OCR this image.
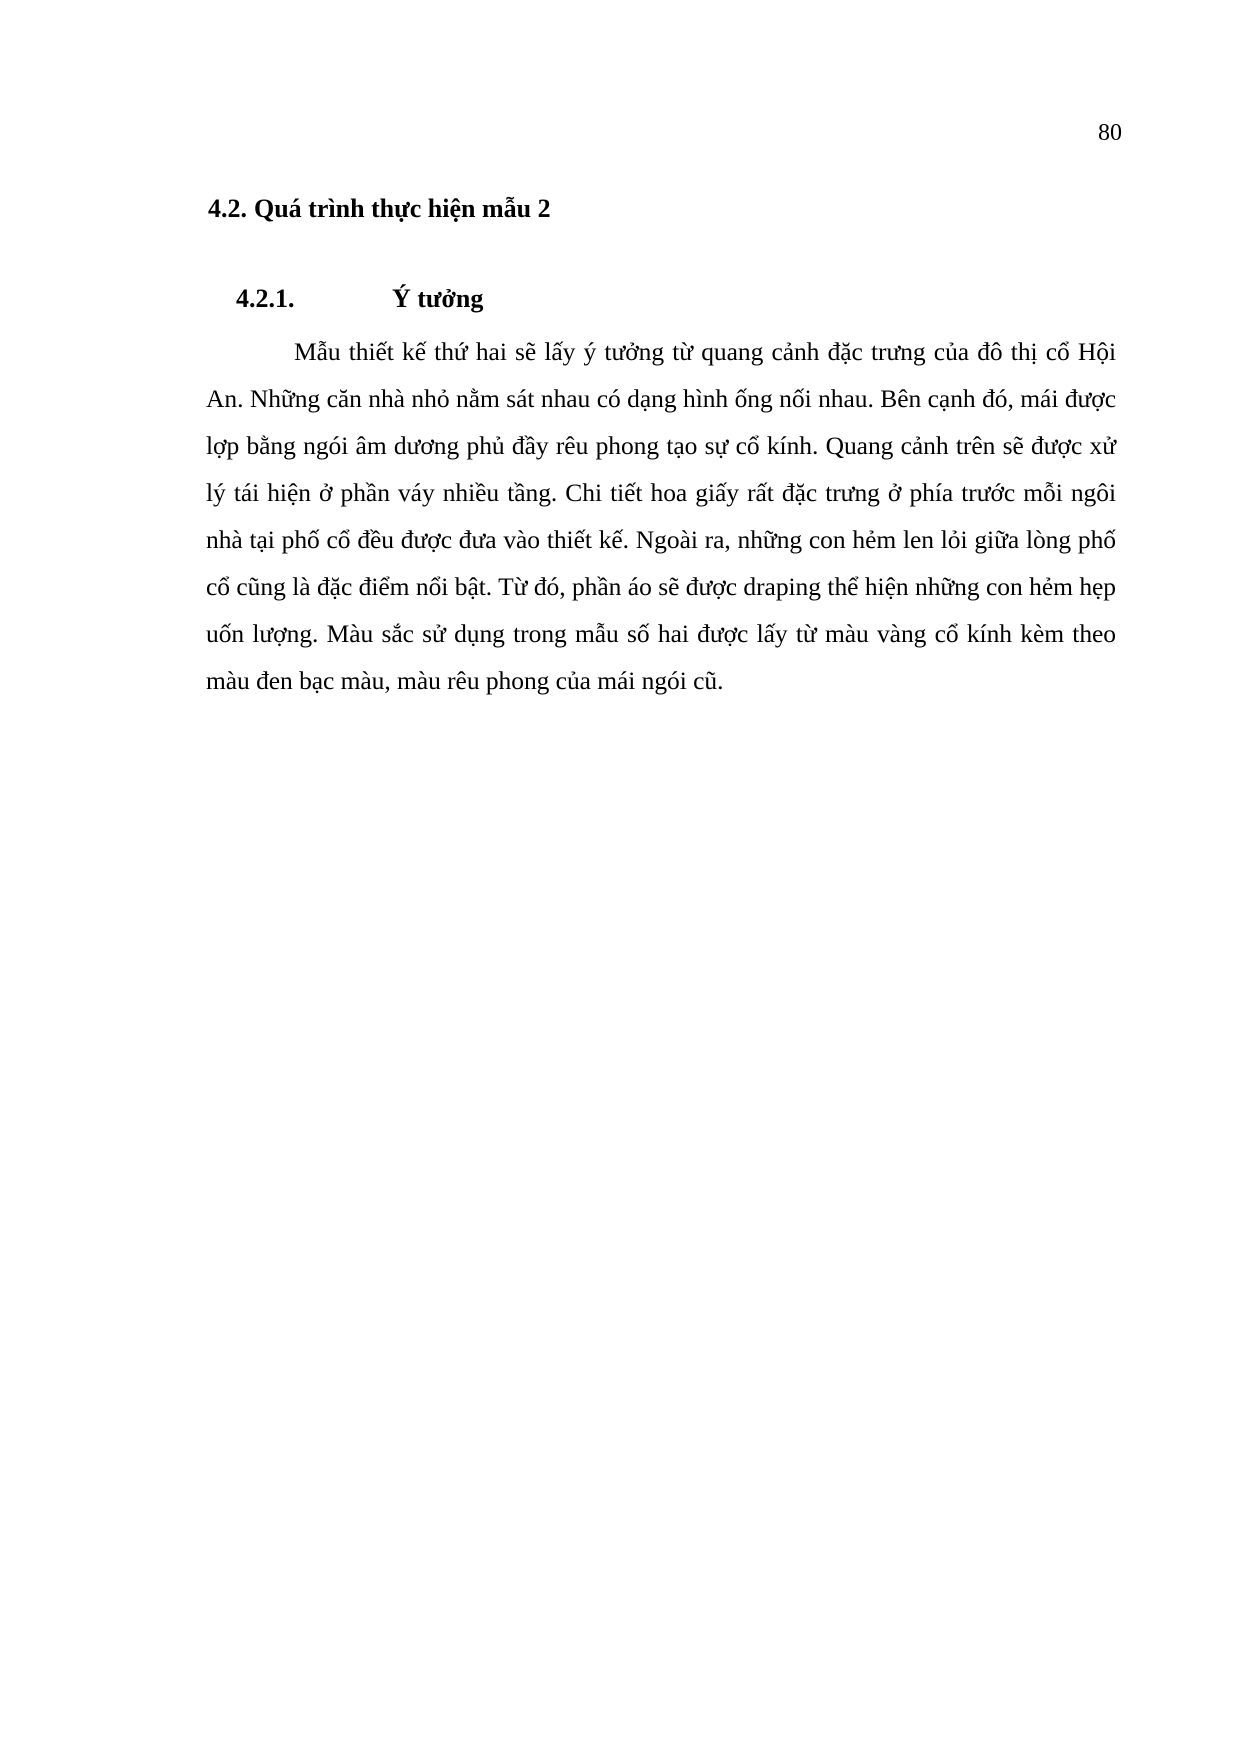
80
4.2. Quá trình thực hiện mẫu 2
4.2.1.	Ý tưởng

Mẫu thiết kế thứ hai sẽ lấy ý tưởng từ quang cảnh đặc trưng của đô thị cổ Hội An. Những căn nhà nhỏ nằm sát nhau có dạng hình ống nối nhau. Bên cạnh đó, mái được lợp bằng ngói âm dương phủ đầy rêu phong tạo sự cổ kính. Quang cảnh trên sẽ được xử lý tái hiện ở phần váy nhiều tầng. Chi tiết hoa giấy rất đặc trưng ở phía trước mỗi ngôi nhà tại phố cổ đều được đưa vào thiết kế. Ngoài ra, những con hẻm len lỏi giữa lòng phố cổ cũng là đặc điểm nổi bật. Từ đó, phần áo sẽ được draping thể hiện những con hẻm hẹp uốn lượng. Màu sắc sử dụng trong mẫu số hai được lấy từ màu vàng cổ kính kèm theo màu đen bạc màu, màu rêu phong của mái ngói cũ.
